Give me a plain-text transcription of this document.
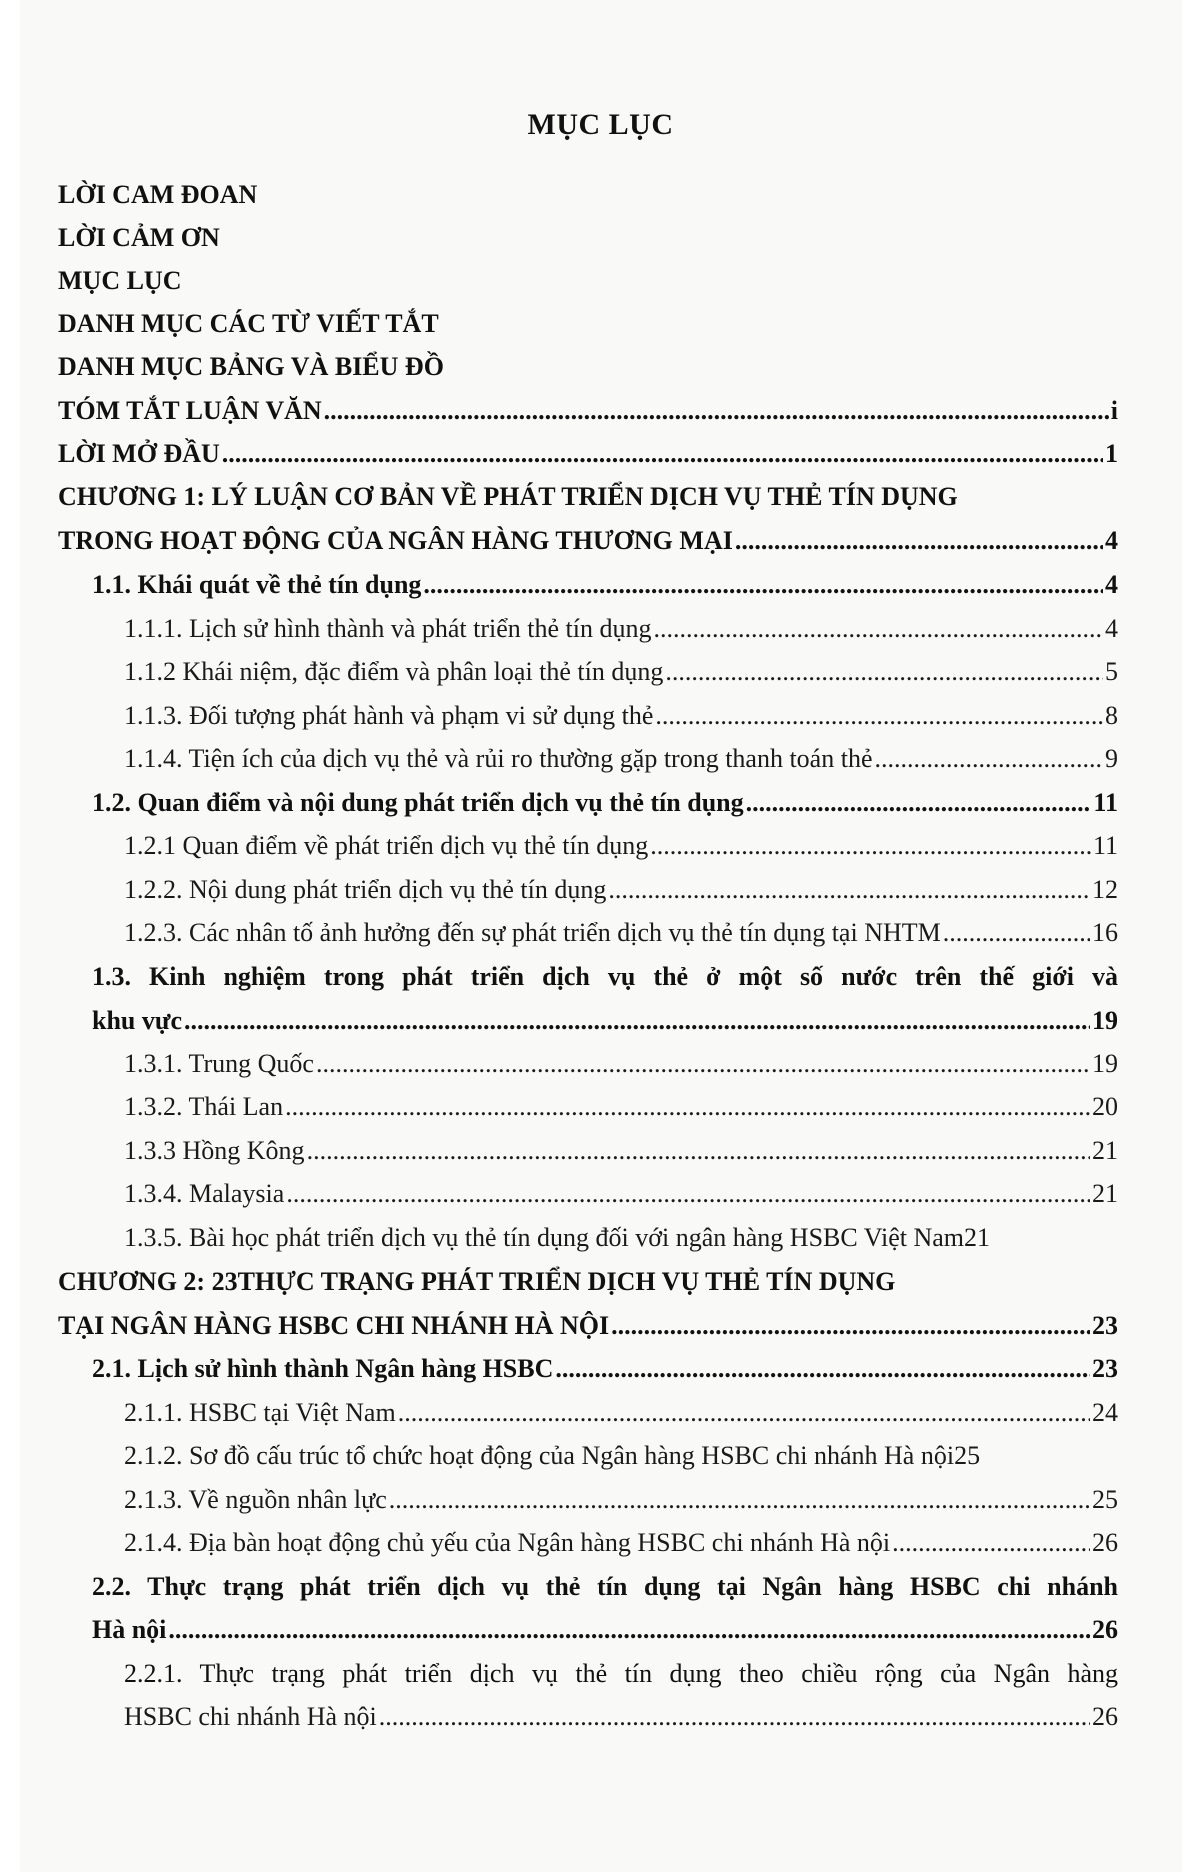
MỤC LỤC
LỜI CAM ĐOAN
LỜI CẢM ƠN
MỤC LỤC
DANH MỤC CÁC TỪ VIẾT TẮT
DANH MỤC BẢNG VÀ BIỂU ĐỒ
TÓM TẮT LUẬN VĂN .....	i
LỜI MỞ ĐẦU .....	1
CHƯƠNG 1: LÝ LUẬN CƠ BẢN VỀ PHÁT TRIỂN DỊCH VỤ THẺ TÍN DỤNG
TRONG HOẠT ĐỘNG CỦA NGÂN HÀNG THƯƠNG MẠI .....	4
1.1. Khái quát về thẻ tín dụng .....	4
1.1.1. Lịch sử hình thành và phát triển thẻ tín dụng .....	4
1.1.2 Khái niệm, đặc điểm và phân loại thẻ tín dụng .....	5
1.1.3. Đối tượng phát hành và phạm vi sử dụng thẻ .....	8
1.1.4. Tiện ích của dịch vụ thẻ và rủi ro thường gặp trong thanh toán thẻ .....	9
1.2. Quan điểm và nội dung phát triển dịch vụ thẻ tín dụng .....	11
1.2.1 Quan điểm về phát triển dịch vụ thẻ tín dụng .....	11
1.2.2. Nội dung phát triển dịch vụ thẻ tín dụng .....	12
1.2.3. Các nhân tố ảnh hưởng đến sự phát triển dịch vụ thẻ tín dụng tại NHTM .....	16
1.3. Kinh nghiệm trong phát triển dịch vụ thẻ ở một số nước trên thế giới và
khu vực .....	19
1.3.1. Trung Quốc .....	19
1.3.2. Thái Lan .....	20
1.3.3 Hồng Kông .....	21
1.3.4. Malaysia .....	21
1.3.5. Bài học phát triển dịch vụ thẻ tín dụng đối với ngân hàng HSBC Việt Nam 21
CHƯƠNG 2: 23THỰC TRẠNG PHÁT TRIỂN DỊCH VỤ THẺ TÍN DỤNG
TẠI NGÂN HÀNG HSBC CHI NHÁNH HÀ NỘI .....	23
2.1. Lịch sử hình thành Ngân hàng HSBC .....	23
2.1.1. HSBC tại Việt Nam .....	24
2.1.2. Sơ đồ cấu trúc tổ chức hoạt động của Ngân hàng HSBC chi nhánh Hà nội 25
2.1.3. Về nguồn nhân lực .....	25
2.1.4. Địa bàn hoạt động chủ yếu của Ngân hàng HSBC chi nhánh Hà nội .....	26
2.2. Thực trạng phát triển dịch vụ thẻ tín dụng tại Ngân hàng HSBC chi nhánh
Hà nội .....	26
2.2.1. Thực trạng phát triển dịch vụ thẻ tín dụng theo chiều rộng của Ngân hàng
HSBC chi nhánh Hà nội .....	26
